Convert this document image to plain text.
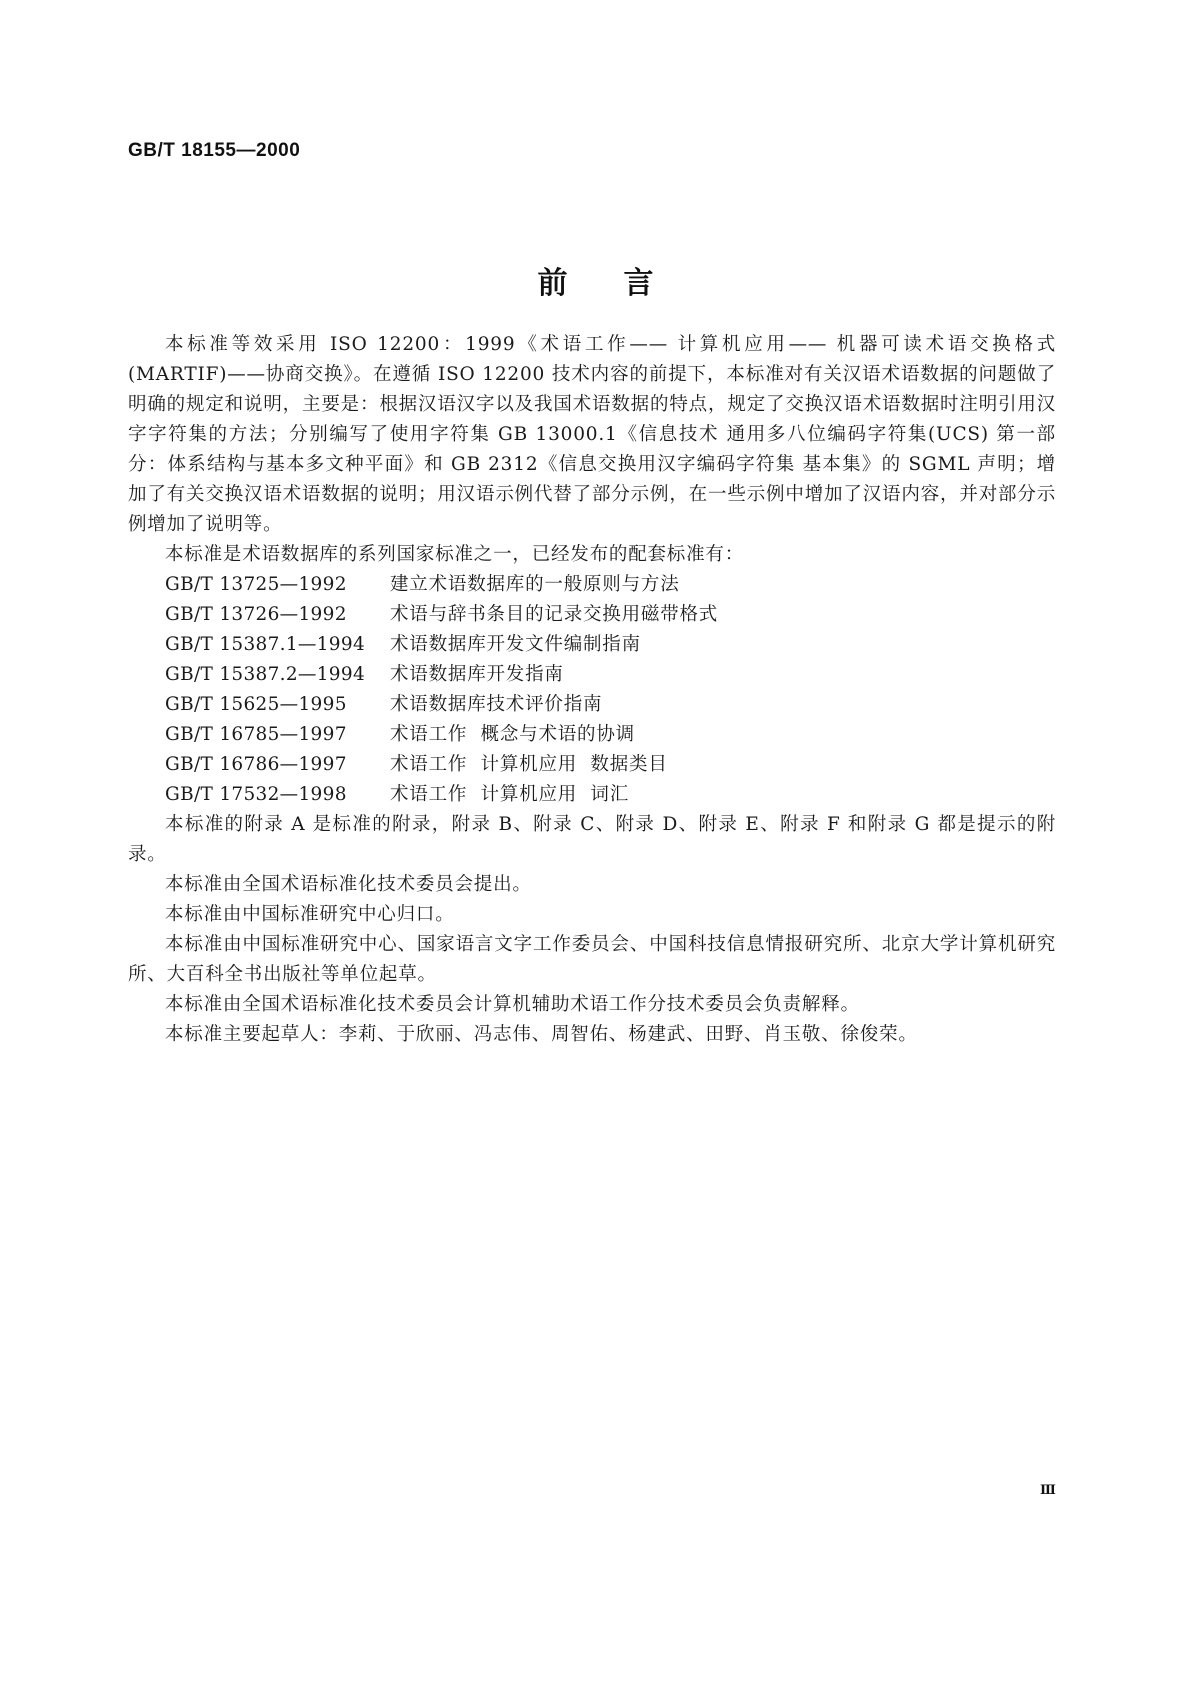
GB/T 18155—2000
前言

本标准等效采用 ISO 12200：1999《术语工作—— 计算机应用—— 机器可读术语交换格式(MARTIF)——协商交换》。在遵循 ISO 12200 技术内容的前提下，本标准对有关汉语术语数据的问题做了明确的规定和说明，主要是：根据汉语汉字以及我国术语数据的特点，规定了交换汉语术语数据时注明引用汉字字符集的方法；分别编写了使用字符集 GB 13000.1《信息技术 通用多八位编码字符集(UCS) 第一部分：体系结构与基本多文种平面》和 GB 2312《信息交换用汉字编码字符集 基本集》的 SGML 声明；增加了有关交换汉语术语数据的说明；用汉语示例代替了部分示例，在一些示例中增加了汉语内容，并对部分示例增加了说明等。

本标准是术语数据库的系列国家标准之一，已经发布的配套标准有：

GB/T 13725—1992	建立术语数据库的一般原则与方法
GB/T 13726—1992	术语与辞书条目的记录交换用磁带格式
GB/T 15387.1—1994	术语数据库开发文件编制指南
GB/T 15387.2—1994	术语数据库开发指南
GB/T 15625—1995	术语数据库技术评价指南
GB/T 16785—1997	术语工作  概念与术语的协调
GB/T 16786—1997	术语工作  计算机应用  数据类目
GB/T 17532—1998	术语工作  计算机应用  词汇

本标准的附录 A 是标准的附录，附录 B、附录 C、附录 D、附录 E、附录 F 和附录 G 都是提示的附录。

本标准由全国术语标准化技术委员会提出。

本标准由中国标准研究中心归口。

本标准由中国标准研究中心、国家语言文字工作委员会、中国科技信息情报研究所、北京大学计算机研究所、大百科全书出版社等单位起草。

本标准由全国术语标准化技术委员会计算机辅助术语工作分技术委员会负责解释。

本标准主要起草人：李莉、于欣丽、冯志伟、周智佑、杨建武、田野、肖玉敬、徐俊荣。

Ⅲ
